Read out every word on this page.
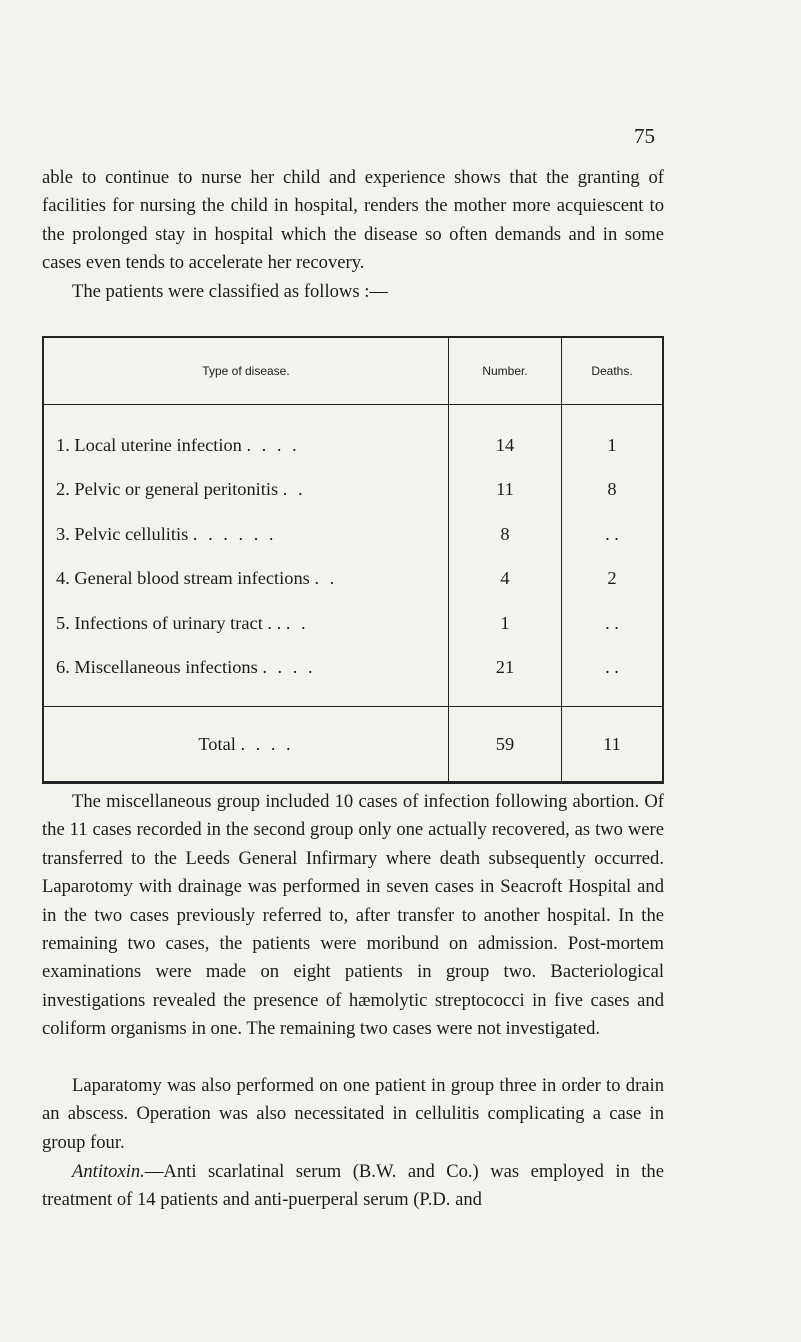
75

able to continue to nurse her child and experience shows that the granting of facilities for nursing the child in hospital, renders the mother more acquiescent to the prolonged stay in hospital which the disease so often demands and in some cases even tends to accelerate her recovery.

The patients were classified as follows :—

Type of disease.	Number.	Deaths.
1. Local uterine infection . . . .	14	1
2. Pelvic or general peritonitis . .	11	8
3. Pelvic cellulitis . . . . . .	8	. .
4. General blood stream infections . .	4	2
5. Infections of urinary tract . . . .	1	. .
6. Miscellaneous infections . . . .	21	. .
Total . . . .	59	11

The miscellaneous group included 10 cases of infection following abortion. Of the 11 cases recorded in the second group only one actually recovered, as two were transferred to the Leeds General Infirmary where death subsequently occurred. Laparotomy with drainage was performed in seven cases in Seacroft Hospital and in the two cases previously referred to, after transfer to another hospital. In the remaining two cases, the patients were moribund on admission. Post-mortem examinations were made on eight patients in group two. Bacteriological investigations revealed the presence of hæmolytic streptococci in five cases and coliform organisms in one. The remaining two cases were not investigated.

Laparatomy was also performed on one patient in group three in order to drain an abscess. Operation was also necessitated in cellulitis complicating a case in group four.

Antitoxin.—Anti scarlatinal serum (B.W. and Co.) was employed in the treatment of 14 patients and anti-puerperal serum (P.D. and
